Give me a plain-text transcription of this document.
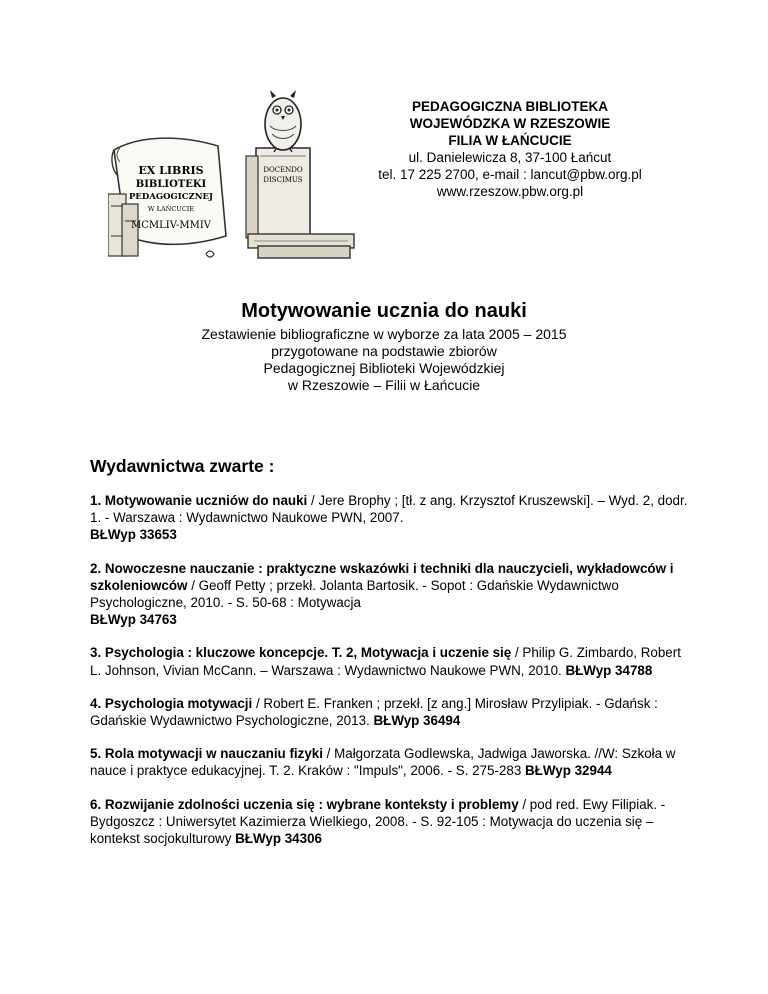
EX LIBRIS
BIBLIOTEKI
PEDAGOGICZNEJ
W ŁAŃCUCIE
MCMLIV-MMIV
DOCENDO
DISCIMUS
PEDAGOGICZNA BIBLIOTEKA
WOJEWÓDZKA W RZESZOWIE
FILIA W ŁAŃCUCIE
ul. Danielewicza 8, 37-100 Łańcut
tel. 17 225 2700, e-mail : lancut@pbw.org.pl
www.rzeszow.pbw.org.pl
Motywowanie ucznia do nauki
Zestawienie bibliograficzne w wyborze za lata 2005 – 2015
przygotowane na podstawie zbiorów
Pedagogicznej Biblioteki Wojewódzkiej
w Rzeszowie – Filii w Łańcucie
Wydawnictwa zwarte :

1. Motywowanie uczniów do nauki / Jere Brophy ; [tł. z ang. Krzysztof Kruszewski]. – Wyd. 2, dodr. 1. - Warszawa : Wydawnictwo Naukowe PWN, 2007.
BŁWyp 33653

2. Nowoczesne nauczanie : praktyczne wskazówki i techniki dla nauczycieli, wykładowców i szkoleniowców / Geoff Petty ; przekł. Jolanta Bartosik. - Sopot : Gdańskie Wydawnictwo Psychologiczne, 2010. - S. 50-68 : Motywacja
BŁWyp 34763

3. Psychologia : kluczowe koncepcje. T. 2, Motywacja i uczenie się / Philip G. Zimbardo, Robert L. Johnson, Vivian McCann. – Warszawa : Wydawnictwo Naukowe PWN, 2010. BŁWyp 34788

4. Psychologia motywacji / Robert E. Franken ; przekł. [z ang.] Mirosław Przylipiak. - Gdańsk : Gdańskie Wydawnictwo Psychologiczne, 2013. BŁWyp 36494

5. Rola motywacji w nauczaniu fizyki / Małgorzata Godlewska, Jadwiga Jaworska. //W: Szkoła w nauce i praktyce edukacyjnej. T. 2. Kraków : "Impuls", 2006. - S. 275-283 BŁWyp 32944

6. Rozwijanie zdolności uczenia się : wybrane konteksty i problemy / pod red. Ewy Filipiak. - Bydgoszcz : Uniwersytet Kazimierza Wielkiego, 2008. - S. 92-105 : Motywacja do uczenia się – kontekst socjokulturowy BŁWyp 34306
